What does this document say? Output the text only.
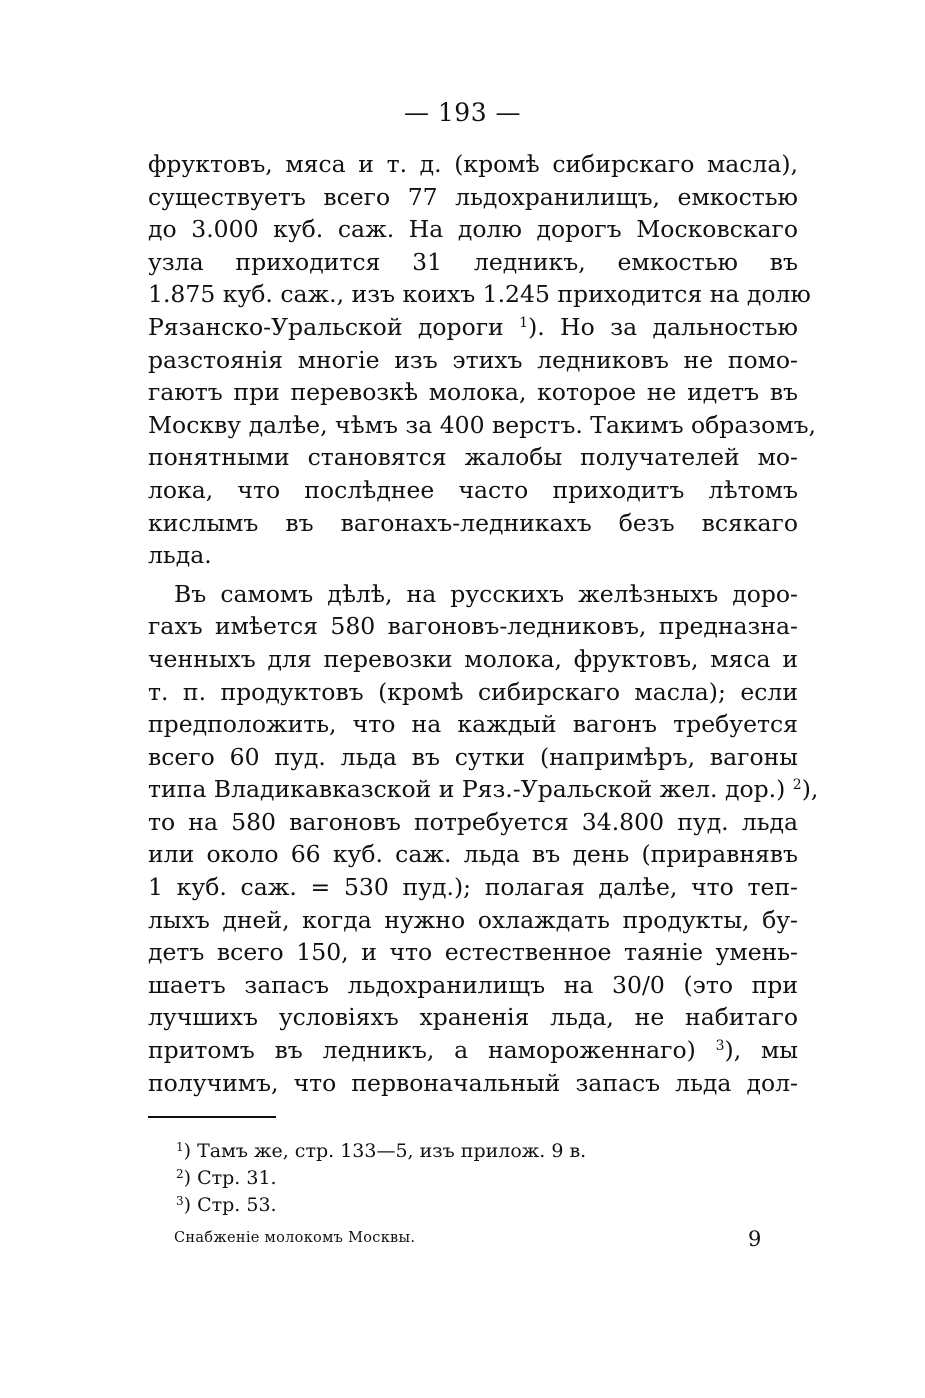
— 193 —
фруктовъ, мяса и т. д. (кромѣ сибирскаго масла),
существуетъ всего 77 льдохранилищъ, емкостью
до 3.000 куб. саж. На долю дорогъ Московскаго
узла приходится 31 ледникъ, емкостью въ
1.875 куб. саж., изъ коихъ 1.245 приходится на долю
Рязанско-Уральской дороги $^1$). Но за дальностью
разстоянія многіе изъ этихъ ледниковъ не помо-
гаютъ при перевозкѣ молока, которое не идетъ въ
Москву далѣе, чѣмъ за 400 верстъ. Такимъ образомъ,
понятными становятся жалобы получателей мо-
лока, что послѣднее часто приходитъ лѣтомъ
кислымъ въ вагонахъ-ледникахъ безъ всякаго
льда.
Въ самомъ дѣлѣ, на русскихъ желѣзныхъ доро-
гахъ имѣется 580 вагоновъ-ледниковъ, предназна-
ченныхъ для перевозки молока, фруктовъ, мяса и
т. п. продуктовъ (кромѣ сибирскаго масла); если
предположить, что на каждый вагонъ требуется
всего 60 пуд. льда въ сутки (напримѣръ, вагоны
типа Владикавказской и Ряз.-Уральской жел. дор.) $^2$),
то на 580 вагоновъ потребуется 34.800 пуд. льда
или около 66 куб. саж. льда въ день (приравнявъ
1 куб. саж. = 530 пуд.); полагая далѣе, что теп-
лыхъ дней, когда нужно охлаждать продукты, бу-
детъ всего 150, и что естественное таяніе умень-
шаетъ запасъ льдохранилищъ на 30/0 (это при
лучшихъ условіяхъ храненія льда, не набитаго
притомъ въ ледникъ, а намороженнаго) $^3$), мы
получимъ, что первоначальный запасъ льда дол-
$^1$) Тамъ же, стр. 133—5, изъ прилож. 9 в.
$^2$) Стр. 31.
$^3$) Стр. 53.
Снабженіе молокомъ Москвы.	9
